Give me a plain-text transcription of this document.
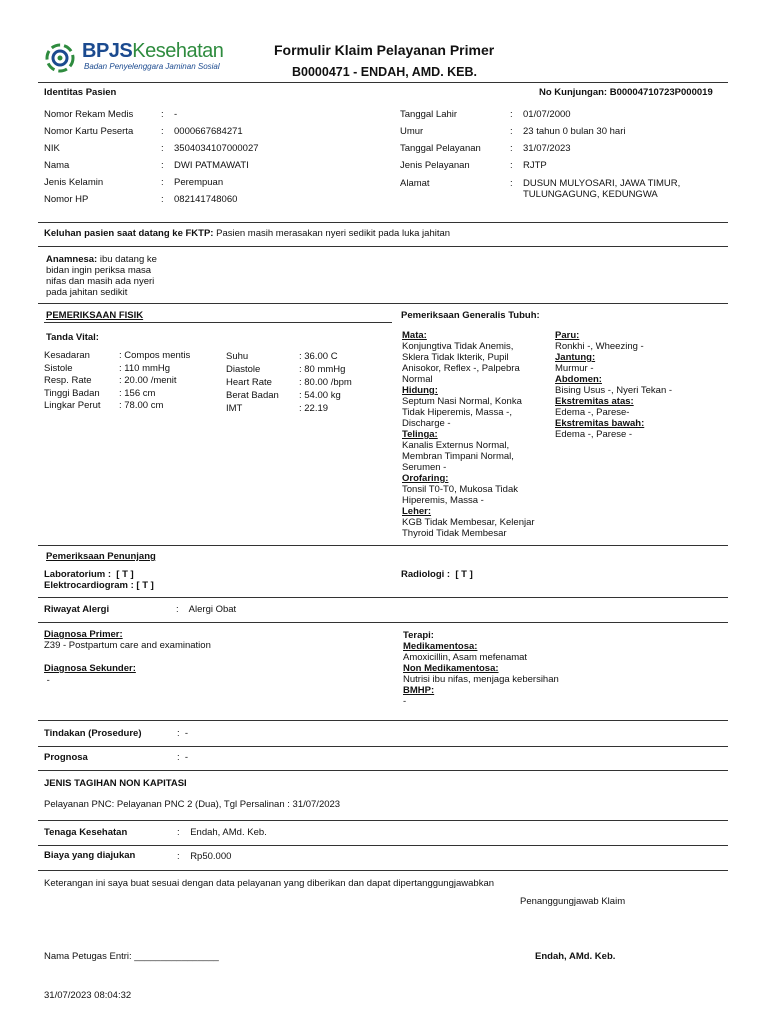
BPJSKesehatan
Badan Penyelenggara Jaminan Sosial
Formulir Klaim Pelayanan Primer
B0000471 - ENDAH, AMD. KEB.
Identitas Pasien	No Kunjungan: B00004710723P000019
Nomor Rekam Medis	: -
Nomor Kartu Peserta	: 0000667684271
NIK	: 3504034107000027
Nama	: DWI PATMAWATI
Jenis Kelamin	: Perempuan
Nomor HP	: 082141748060
Tanggal Lahir	: 01/07/2000
Umur	: 23 tahun 0 bulan 30 hari
Tanggal Pelayanan	: 31/07/2023
Jenis Pelayanan	: RJTP
Alamat	: DUSUN MULYOSARI, JAWA TIMUR,
TULUNGAGUNG, KEDUNGWA
Keluhan pasien saat datang ke FKTP: Pasien masih merasakan nyeri sedikit pada luka jahitan
Anamnesa: ibu datang ke
bidan ingin periksa masa
nifas dan masih ada nyeri
pada jahitan sedikit
PEMERIKSAAN FISIK
Tanda Vital:
Kesadaran	: Compos mentis
Sistole	: 110 mmHg
Resp. Rate	: 20.00 /menit
Tinggi Badan : 156 cm
Lingkar Perut : 78.00 cm
Suhu	: 36.00 C
Diastole	: 80 mmHg
Heart Rate	: 80.00 /bpm
Berat Badan : 54.00 kg
IMT	: 22.19
Pemeriksaan Generalis Tubuh:
Mata:
Konjungtiva Tidak Anemis,
Sklera Tidak Ikterik, Pupil
Anisokor, Reflex -, Palpebra
Normal
Hidung:
Septum Nasi Normal, Konka
Tidak Hiperemis, Massa -,
Discharge -
Telinga:
Kanalis Externus Normal,
Membran Timpani Normal,
Serumen -
Orofaring:
Tonsil T0-T0, Mukosa Tidak
Hiperemis, Massa -
Leher:
KGB Tidak Membesar, Kelenjar
Thyroid Tidak Membesar
Paru:
Ronkhi -, Wheezing -
Jantung:
Murmur -
Abdomen:
Bising Usus -, Nyeri Tekan -
Ekstremitas atas:
Edema -, Parese-
Ekstremitas bawah:
Edema -, Parese -
Pemeriksaan Penunjang
Laboratorium :  [ T ]
Elektrocardiogram : [ T ]
Radiologi :  [ T ]
Riwayat Alergi	:    Alergi Obat
Diagnosa Primer:
Z39 - Postpartum care and examination
Diagnosa Sekunder:
-
Terapi:
Medikamentosa:
Amoxicillin, Asam mefenamat
Non Medikamentosa:
Nutrisi ibu nifas, menjaga kebersihan
BMHP:
-
Tindakan (Prosedure)	:  -
Prognosa	:  -
JENIS TAGIHAN NON KAPITASI
Pelayanan PNC: Pelayanan PNC 2 (Dua), Tgl Persalinan : 31/07/2023
Tenaga Kesehatan	:    Endah, AMd. Keb.
Biaya yang diajukan	:    Rp50.000
Keterangan ini saya buat sesuai dengan data pelayanan yang diberikan dan dapat dipertanggungjawabkan
Penanggungjawab Klaim
Nama Petugas Entri: ________________	Endah, AMd. Keb.
31/07/2023 08:04:32
